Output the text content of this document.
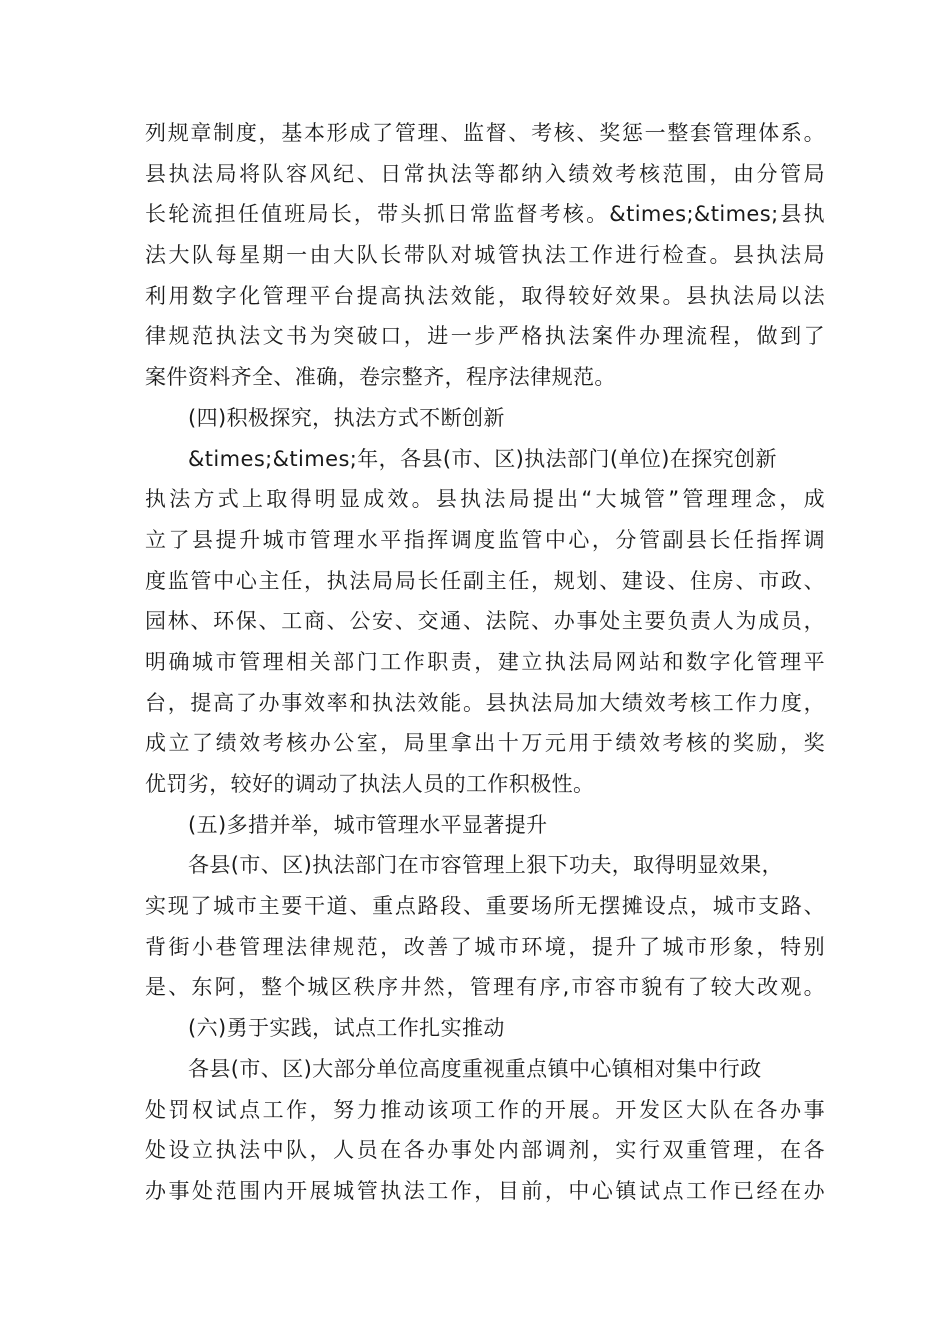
列规章制度，基本形成了管理、监督、考核、奖惩一整套管理体系。
县执法局将队容风纪、日常执法等都纳入绩效考核范围，由分管局
长轮流担任值班局长，带头抓日常监督考核。&times;&times;县执
法大队每星期一由大队长带队对城管执法工作进行检查。县执法局
利用数字化管理平台提高执法效能，取得较好效果。县执法局以法
律规范执法文书为突破口，进一步严格执法案件办理流程，做到了
案件资料齐全、准确，卷宗整齐，程序法律规范。
(四)积极探究，执法方式不断创新
&times;&times;年，各县(市、区)执法部门(单位)在探究创新
执法方式上取得明显成效。县执法局提出“大城管”管理理念，成
立了县提升城市管理水平指挥调度监管中心，分管副县长任指挥调
度监管中心主任，执法局局长任副主任，规划、建设、住房、市政、
园林、环保、工商、公安、交通、法院、办事处主要负责人为成员，
明确城市管理相关部门工作职责，建立执法局网站和数字化管理平
台，提高了办事效率和执法效能。县执法局加大绩效考核工作力度，
成立了绩效考核办公室，局里拿出十万元用于绩效考核的奖励，奖
优罚劣，较好的调动了执法人员的工作积极性。
(五)多措并举，城市管理水平显著提升
各县(市、区)执法部门在市容管理上狠下功夫，取得明显效果，
实现了城市主要干道、重点路段、重要场所无摆摊设点，城市支路、
背街小巷管理法律规范，改善了城市环境，提升了城市形象，特别
是、东阿，整个城区秩序井然，管理有序,市容市貌有了较大改观。
(六)勇于实践，试点工作扎实推动
各县(市、区)大部分单位高度重视重点镇中心镇相对集中行政
处罚权试点工作，努力推动该项工作的开展。开发区大队在各办事
处设立执法中队，人员在各办事处内部调剂，实行双重管理，在各
办事处范围内开展城管执法工作，目前，中心镇试点工作已经在办
